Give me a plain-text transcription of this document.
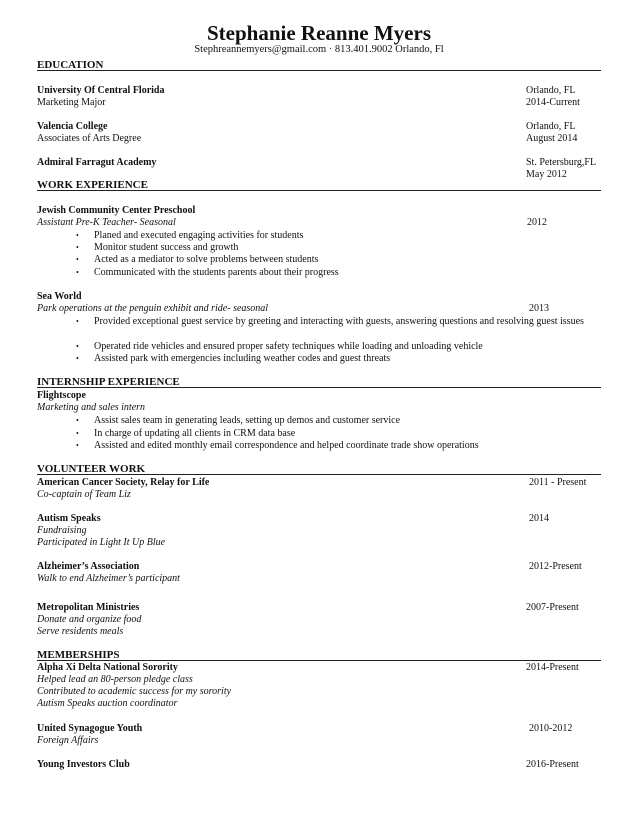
Stephanie Reanne Myers
Stephreannemyers@gmail.com · 813.401.9002 Orlando, Fl
EDUCATION
University Of Central Florida	Orlando, FL
Marketing Major	2014-Current
Valencia College	Orlando, FL
Associates of Arts Degree	August 2014
Admiral Farragut Academy	St. Petersburg,FL
May 2012
WORK EXPERIENCE
Jewish Community Center Preschool
Assistant Pre-K Teacher- Seasonal	2012
• Planed and executed engaging activities for students
• Monitor student success and growth
• Acted as a mediator to solve problems between students
• Communicated with the students parents about their progress
Sea World
Park operations at the penguin exhibit and ride- seasonal	2013
• Provided exceptional guest service by greeting and interacting with guests, answering questions and resolving guest issues
• Operated ride vehicles and ensured proper safety techniques while loading and unloading vehicle
• Assisted park with emergencies including weather codes and guest threats
INTERNSHIP EXPERIENCE
Flightscope
Marketing and sales intern
• Assist sales team in generating leads, setting up demos and customer service
• In charge of updating all clients in CRM data base
• Assisted and edited monthly email correspondence and helped coordinate trade show operations
VOLUNTEER WORK
American Cancer Society, Relay for Life	2011 - Present
Co-captain of Team Liz
Autism Speaks	2014
Fundraising
Participated in Light It Up Blue
Alzheimer’s Association	2012-Present
Walk to end Alzheimer’s participant
Metropolitan Ministries	2007-Present
Donate and organize food
Serve residents meals
MEMBERSHIPS
Alpha Xi Delta National Sorority	2014-Present
Helped lead an 80-person pledge class
Contributed to academic success for my sorority
Autism Speaks auction coordinator
United Synagogue Youth	2010-2012
Foreign Affairs
Young Investors Club	2016-Present
